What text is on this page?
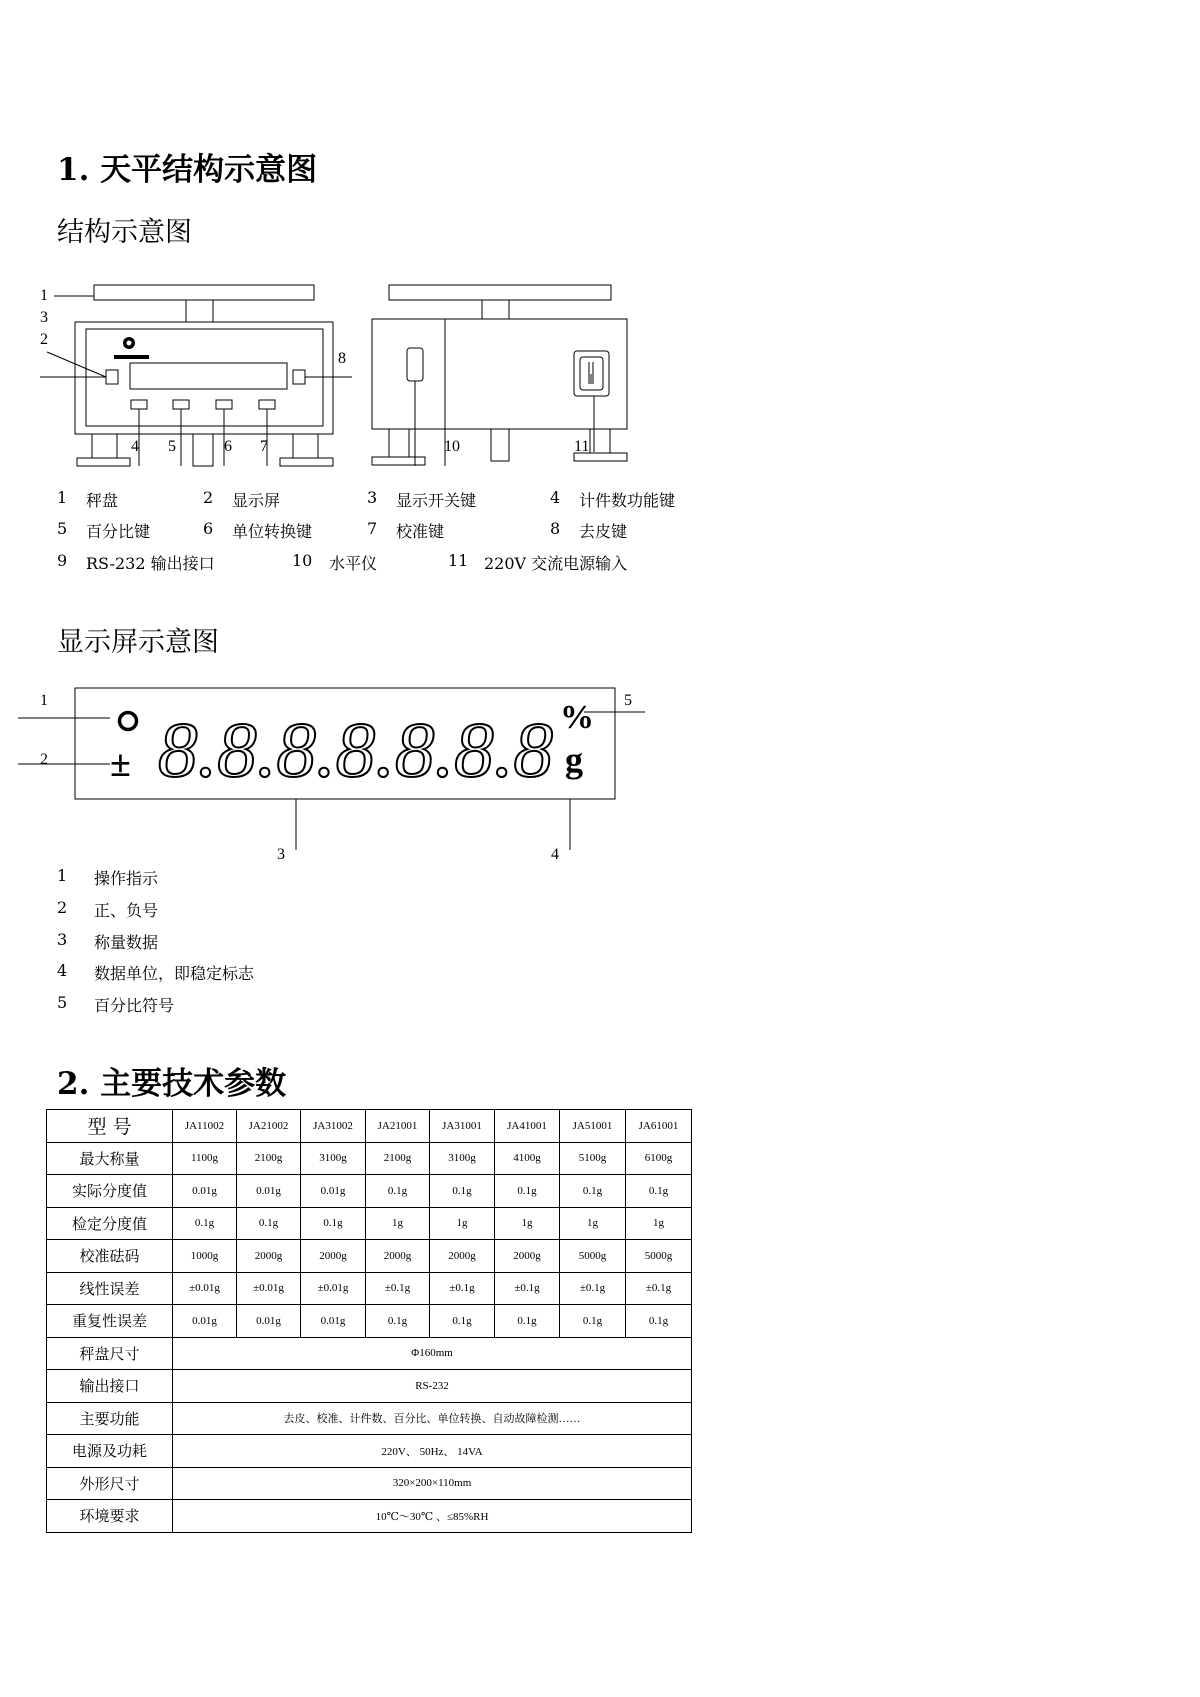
1. 天平结构示意图
结构示意图
1
3
2
8
4 5	6 7	10	11
1 秤盘	2 显示屏	3 显示开关键	4 计件数功能键
5 百分比键	6 单位转换键	7 校准键	8 去皮键
9 RS-232 输出接口	10 水平仪	11 220V 交流电源输入
显示屏示意图
± 8.8.8.8.8.8.8 %
g
1
2
5
3	4
1 操作指示
2 正、负号
3 称量数据
4 数据单位，即稳定标志
5 百分比符号
2. 主要技术参数
型 号	JA11002	JA21002	JA31002	JA21001	JA31001	JA41001	JA51001	JA61001
最大称量	1100g	2100g	3100g	2100g	3100g	4100g	5100g	6100g
实际分度值	0.01g	0.01g	0.01g	0.1g	0.1g	0.1g	0.1g	0.1g
检定分度值	0.1g	0.1g	0.1g	1g	1g	1g	1g	1g
校准砝码	1000g	2000g	2000g	2000g	2000g	2000g	5000g	5000g
线性误差	±0.01g	±0.01g	±0.01g	±0.1g	±0.1g	±0.1g	±0.1g	±0.1g
重复性误差	0.01g	0.01g	0.01g	0.1g	0.1g	0.1g	0.1g	0.1g
秤盘尺寸	Φ160mm							
输出接口	RS-232							
主要功能	去皮、校准、计件数、百分比、单位转换、自动故障检测……							
电源及功耗	220V、 50Hz、 14VA							
外形尺寸	320×200×110mm							
环境要求	10℃～30℃ 、≤85%RH							
